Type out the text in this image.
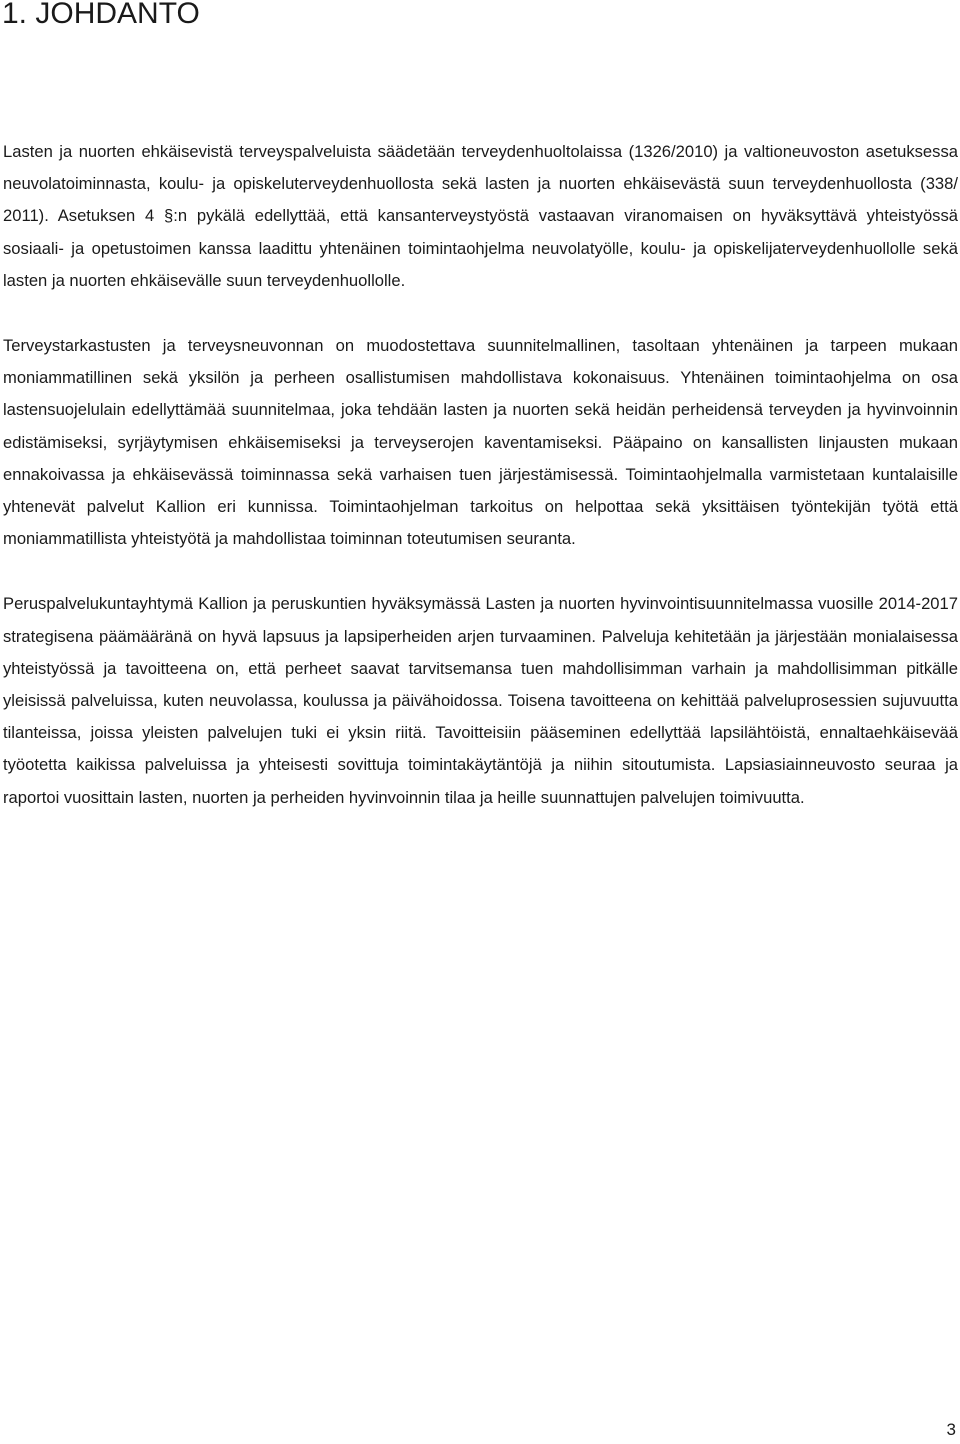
1. JOHDANTO

Lasten ja nuorten ehkäisevistä terveyspalveluista säädetään terveydenhuoltolaissa (1326/2010) ja valtioneuvoston asetuksessa neuvolatoiminnasta, koulu- ja opiskeluterveydenhuollosta sekä lasten ja nuorten ehkäisevästä suun terveydenhuollosta (338/ 2011). Asetuksen 4 §:n pykälä edellyttää, että kansanterveystyöstä vastaavan viranomaisen on hyväksyttävä yhteistyössä sosiaali- ja opetustoimen kanssa laadittu yhtenäinen toimintaohjelma neuvolatyölle, koulu- ja opiskelijaterveydenhuollolle sekä lasten ja nuorten ehkäisevälle suun terveydenhuollolle.

Terveystarkastusten ja terveysneuvonnan on muodostettava suunnitelmallinen, tasoltaan yhtenäinen ja tarpeen mukaan moniammatillinen sekä yksilön ja perheen osallistumisen mahdollistava kokonaisuus. Yhtenäinen toimintaohjelma on osa lastensuojelulain edellyttämää suunnitelmaa, joka tehdään lasten ja nuorten sekä heidän perheidensä terveyden ja hyvinvoinnin edistämiseksi, syrjäytymisen ehkäisemiseksi ja terveyserojen kaventamiseksi. Pääpaino on kansallisten linjausten mukaan ennakoivassa ja ehkäisevässä toiminnassa sekä varhaisen tuen järjestämisessä. Toimintaohjelmalla varmistetaan kuntalaisille yhtenevät palvelut Kallion eri kunnissa. Toimintaohjelman tarkoitus on helpottaa sekä yksittäisen työntekijän työtä että moniammatillista yhteistyötä ja mahdollistaa toiminnan toteutumisen seuranta.

Peruspalvelukuntayhtymä Kallion ja peruskuntien hyväksymässä Lasten ja nuorten hyvinvointisuunnitelmassa vuosille 2014-2017 strategisena päämääränä on hyvä lapsuus ja lapsiperheiden arjen turvaaminen. Palveluja kehitetään ja järjestään monialaisessa yhteistyössä ja tavoitteena on, että perheet saavat tarvitsemansa tuen mahdollisimman varhain ja mahdollisimman pitkälle yleisissä palveluissa, kuten neuvolassa, koulussa ja päivähoidossa. Toisena tavoitteena on kehittää palveluprosessien sujuvuutta tilanteissa, joissa yleisten palvelujen tuki ei yksin riitä. Tavoitteisiin pääseminen edellyttää lapsilähtöistä, ennaltaehkäisevää työotetta kaikissa palveluissa ja yhteisesti sovittuja toimintakäytäntöjä ja niihin sitoutumista. Lapsiasiainneuvosto seuraa ja raportoi vuosittain lasten, nuorten ja perheiden hyvinvoinnin tilaa ja heille suunnattujen palvelujen toimivuutta.

3
